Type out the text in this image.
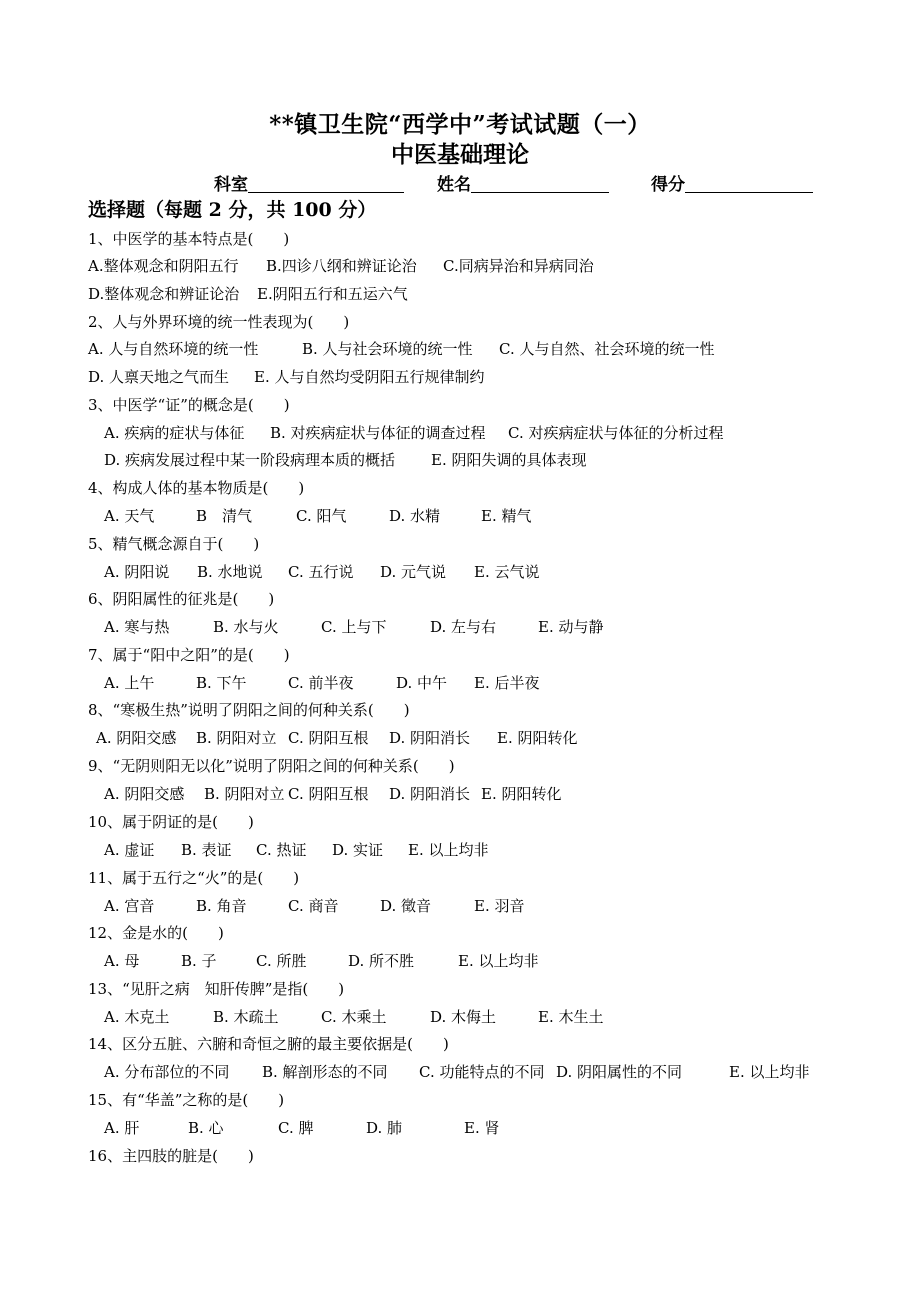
**镇卫生院“西学中”考试试题（一）
中医基础理论
科室	姓名	得分
选择题（每题 2 分，共 100 分）
1、中医学的基本特点是(　　)
A.整体观念和阴阳五行 B.四诊八纲和辨证论治 C.同病异治和异病同治
D.整体观念和辨证论治 E.阴阳五行和五运六气
2、人与外界环境的统一性表现为(　　)
A. 人与自然环境的统一性	B. 人与社会环境的统一性 C. 人与自然、社会环境的统一性
D. 人禀天地之气而生 E. 人与自然均受阴阳五行规律制约
3、中医学“证”的概念是(　　)
A. 疾病的症状与体征 B. 对疾病症状与体征的调查过程 C. 对疾病症状与体征的分析过程
D. 疾病发展过程中某一阶段病理本质的概括 E. 阴阳失调的具体表现
4、构成人体的基本物质是(　　)
A. 天气	B　清气	C. 阳气	D. 水精	E. 精气
5、精气概念源自于(　　)
A. 阴阳说 B. 水地说 C. 五行说 D. 元气说 E. 云气说
6、阴阳属性的征兆是(　　)
A. 寒与热	B. 水与火	C. 上与下	D. 左与右	E. 动与静
7、属于“阳中之阳”的是(　　)
A. 上午	B. 下午	C. 前半夜	D. 中午 E. 后半夜
8、“寒极生热”说明了阴阳之间的何种关系(　　)
A. 阴阳交感 B. 阴阳对立 C. 阴阳互根 D. 阴阳消长 E. 阴阳转化
9、“无阴则阳无以化”说明了阴阳之间的何种关系(　　)
A. 阴阳交感 B. 阴阳对立 C. 阴阳互根 D. 阴阳消长 E. 阴阳转化
10、属于阴证的是(　　)
A. 虚证 B. 表证 C. 热证 D. 实证 E. 以上均非
11、属于五行之“火”的是(　　)
A. 宫音	B. 角音	C. 商音	D. 徵音	E. 羽音
12、金是水的(　　)
A. 母	B. 子	C. 所胜	D. 所不胜	E. 以上均非
13、“见肝之病　知肝传脾”是指(　　)
A. 木克土	B. 木疏土	C. 木乘土	D. 木侮土	E. 木生土
14、区分五脏、六腑和奇恒之腑的最主要依据是(　　)
A. 分布部位的不同 B. 解剖形态的不同 C. 功能特点的不同 D. 阴阳属性的不同	E. 以上均非
15、有“华盖”之称的是(　　)
A. 肝	B. 心	C. 脾	D. 肺	E. 肾
16、主四肢的脏是(　　)
